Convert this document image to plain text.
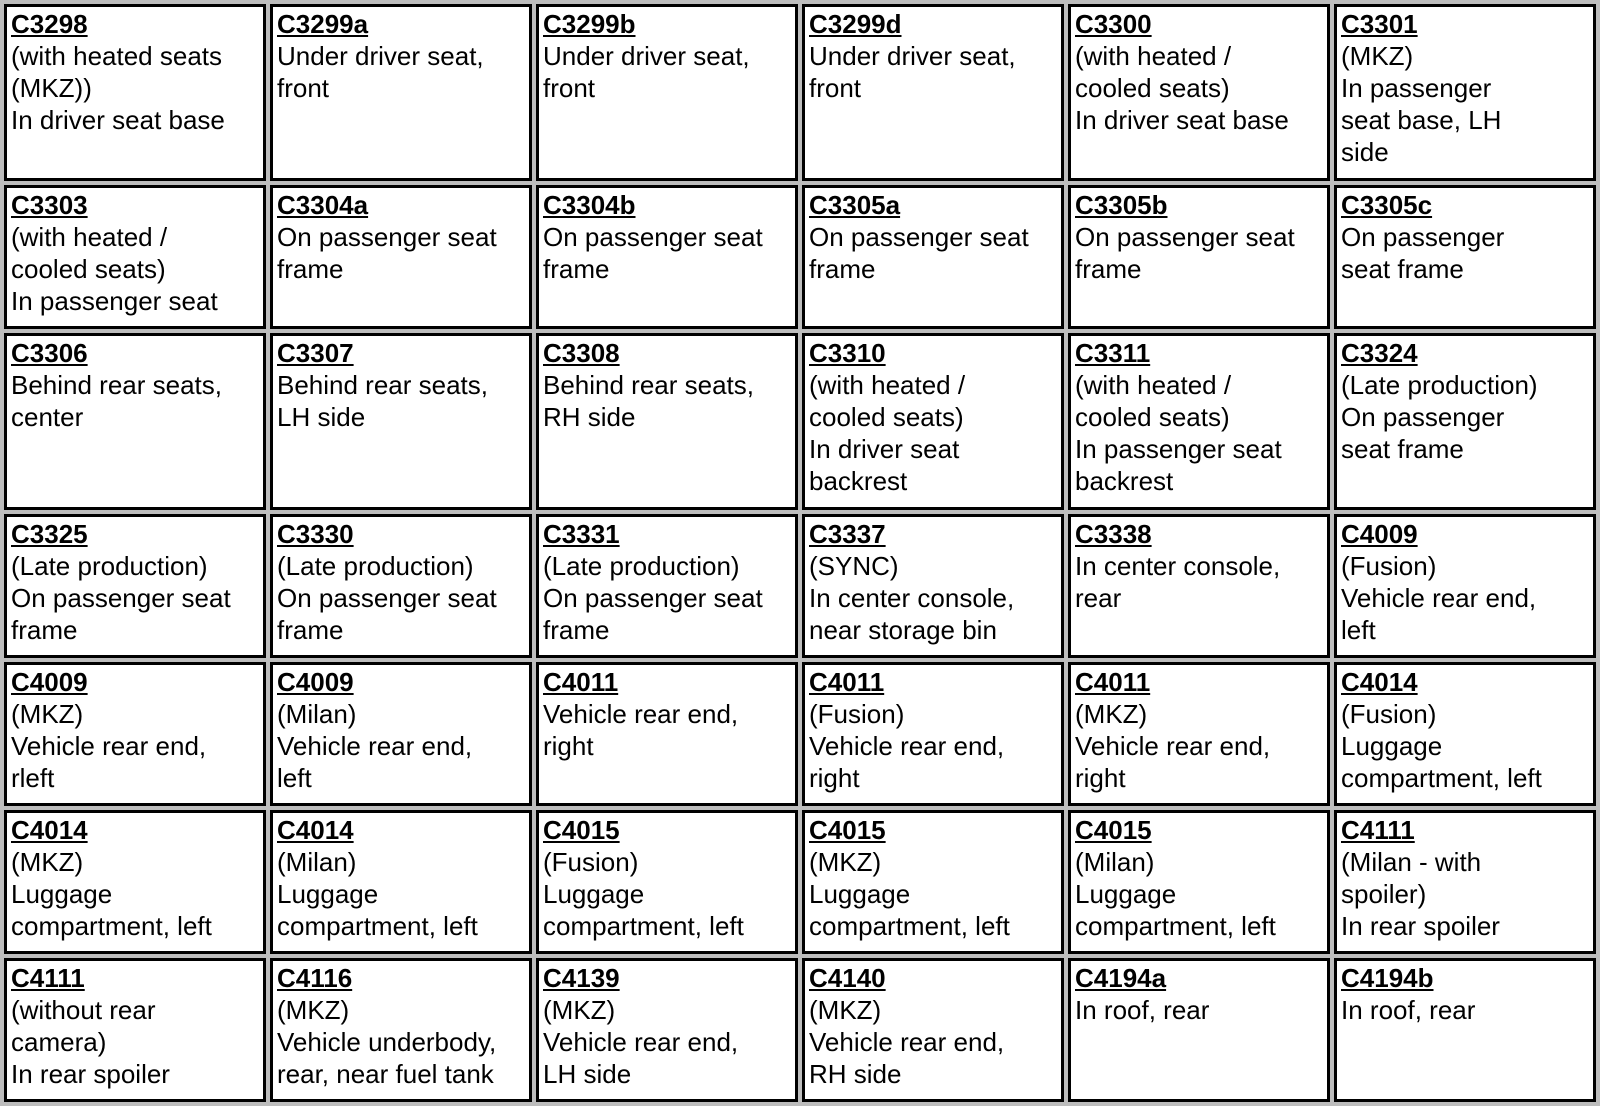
C3298
(with heated seats
(MKZ))
In driver seat base	C3299a
Under driver seat,
front	C3299b
Under driver seat,
front	C3299d
Under driver seat,
front	C3300
(with heated /
cooled seats)
In driver seat base	C3301
(MKZ)
In passenger
seat base, LH
side

C3303
(with heated /
cooled seats)
In passenger seat	C3304a
On passenger seat
frame	C3304b
On passenger seat
frame	C3305a
On passenger seat
frame	C3305b
On passenger seat
frame	C3305c
On passenger
seat frame

C3306
Behind rear seats,
center	C3307
Behind rear seats,
LH side	C3308
Behind rear seats,
RH side	C3310
(with heated /
cooled seats)
In driver seat
backrest	C3311
(with heated /
cooled seats)
In passenger seat
backrest	C3324
(Late production)
On passenger
seat frame

C3325
(Late production)
On passenger seat
frame	C3330
(Late production)
On passenger seat
frame	C3331
(Late production)
On passenger seat
frame	C3337
(SYNC)
In center console,
near storage bin	C3338
In center console,
rear	C4009
(Fusion)
Vehicle rear end,
left

C4009
(MKZ)
Vehicle rear end,
rleft	C4009
(Milan)
Vehicle rear end,
left	C4011
Vehicle rear end,
right	C4011
(Fusion)
Vehicle rear end,
right	C4011
(MKZ)
Vehicle rear end,
right	C4014
(Fusion)
Luggage
compartment, left

C4014
(MKZ)
Luggage
compartment, left	C4014
(Milan)
Luggage
compartment, left	C4015
(Fusion)
Luggage
compartment, left	C4015
(MKZ)
Luggage
compartment, left	C4015
(Milan)
Luggage
compartment, left	C4111
(Milan - with
spoiler)
In rear spoiler

C4111
(without rear
camera)
In rear spoiler	C4116
(MKZ)
Vehicle underbody,
rear, near fuel tank	C4139
(MKZ)
Vehicle rear end,
LH side	C4140
(MKZ)
Vehicle rear end,
RH side	C4194a
In roof, rear	C4194b
In roof, rear
